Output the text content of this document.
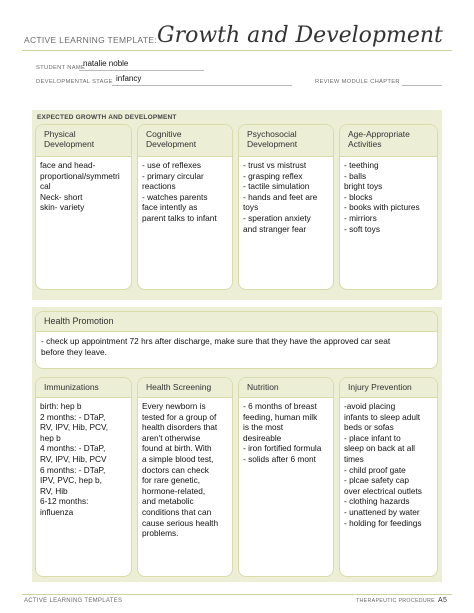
ACTIVE LEARNING TEMPLATE: Growth and Development
STUDENT NAME
natalie noble
DEVELOPMENTAL STAGE infancy	REVIEW MODULE CHAPTER
EXPECTED GROWTH AND DEVELOPMENT
Physical
Development
face and head-
proportional/symmetri
cal
Neck- short
skin- variety
Cognitive
Development
- use of reflexes
- primary circular
reactions
- watches parents
face intently as
parent talks to infant
Psychosocial
Development
- trust vs mistrust
- grasping reflex
- tactile simulation
- hands and feet are
toys
- speration anxiety
and stranger fear
Age-Appropriate
Activities
- teething
- balls
bright toys
- blocks
- books with pictures
- mirriors
- soft toys
Health Promotion
- check up appointment 72 hrs after discharge, make sure that they have the approved car seat
before they leave.
Immunizations
birth: hep b
2 months: - DTaP,
RV, IPV, Hib, PCV,
hep b
4 months: - DTaP,
RV, IPV, Hib, PCV
6 months: - DTaP,
IPV, PVC, hep b,
RV, Hib
6-12 months:
influenza
Health Screening
Every newborn is
tested for a group of
health disorders that
aren't otherwise
found at birth. With
a simple blood test,
doctors can check
for rare genetic,
hormone-related,
and metabolic
conditions that can
cause serious health
problems.
Nutrition
- 6 months of breast
feeding, human milk
is the most
desireable
- iron fortified formula
- solids after 6 mont
Injury Prevention
-avoid placing
infants to sleep adult
beds or sofas
- place infant to
sleep on back at all
times
- child proof gate
- plcae safety cap
over electrical outlets
- clothing hazards
- unattened by water
- holding for feedings
ACTIVE LEARNING TEMPLATES	THERAPEUTIC PROCEDURE A5
